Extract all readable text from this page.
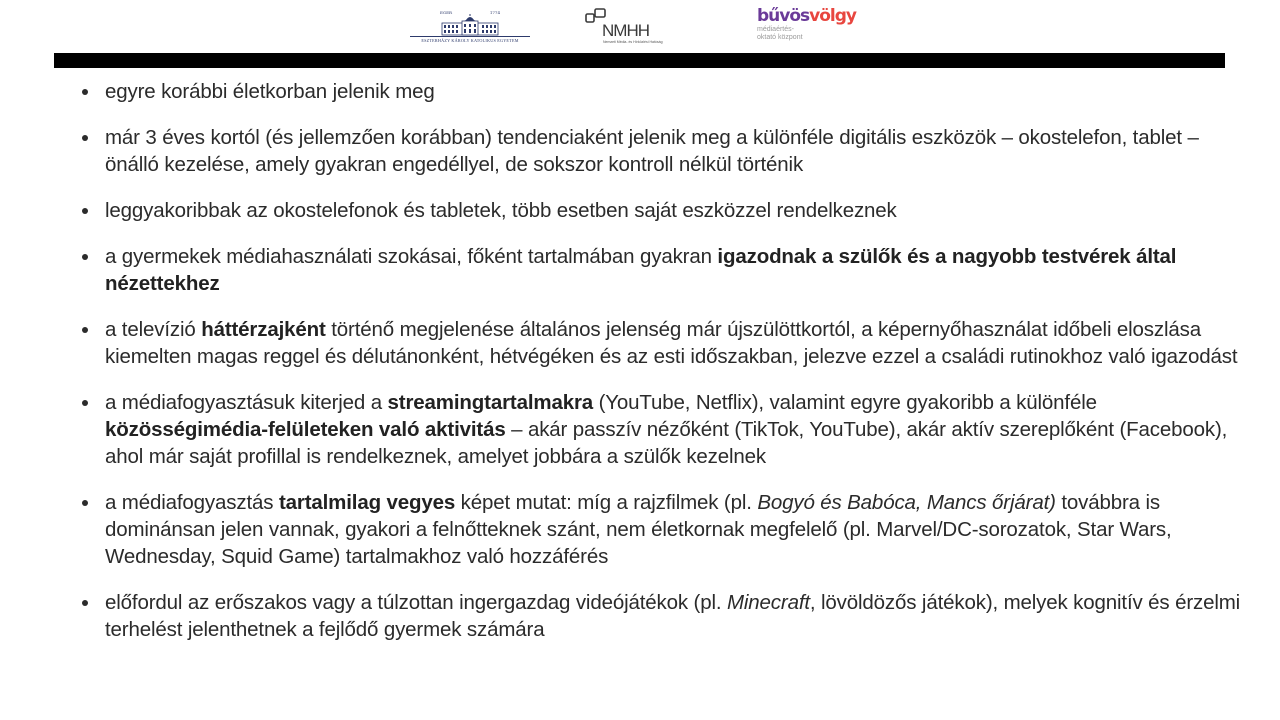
EGER	1774
ESZTERHÁZY KÁROLY KATOLIKUS EGYETEM
NMHH
Nemzeti Média- és Hírközlési Hatóság
bűvösvölgy
médiaértés-
oktató központ
egyre korábbi életkorban jelenik meg
már 3 éves kortól (és jellemzően korábban) tendenciaként jelenik meg a különféle digitális eszközök – okostelefon, tablet – önálló kezelése, amely gyakran engedéllyel, de sokszor kontroll nélkül történik
leggyakoribbak az okostelefonok és tabletek, több esetben saját eszközzel rendelkeznek
a gyermekek médiahasználati szokásai, főként tartalmában gyakran igazodnak a szülők és a nagyobb testvérek által nézettekhez
a televízió háttérzajként történő megjelenése általános jelenség már újszülöttkortól, a képernyőhasználat időbeli eloszlása kiemelten magas reggel és délutánonként, hétvégéken és az esti időszakban, jelezve ezzel a családi rutinokhoz való igazodást
a médiafogyasztásuk kiterjed a streamingtartalmakra (YouTube, Netflix), valamint egyre gyakoribb a különféle közösségimédia-felületeken való aktivitás – akár passzív nézőként (TikTok, YouTube), akár aktív szereplőként (Facebook), ahol már saját profillal is rendelkeznek, amelyet jobbára a szülők kezelnek
a médiafogyasztás tartalmilag vegyes képet mutat: míg a rajzfilmek (pl. Bogyó és Babóca, Mancs őrjárat) továbbra is dominánsan jelen vannak, gyakori a felnőtteknek szánt, nem életkornak megfelelő (pl. Marvel/DC-sorozatok, Star Wars, Wednesday, Squid Game) tartalmakhoz való hozzáférés
előfordul az erőszakos vagy a túlzottan ingergazdag videójátékok (pl. Minecraft, lövöldözős játékok), melyek kognitív és érzelmi terhelést jelenthetnek a fejlődő gyermek számára
